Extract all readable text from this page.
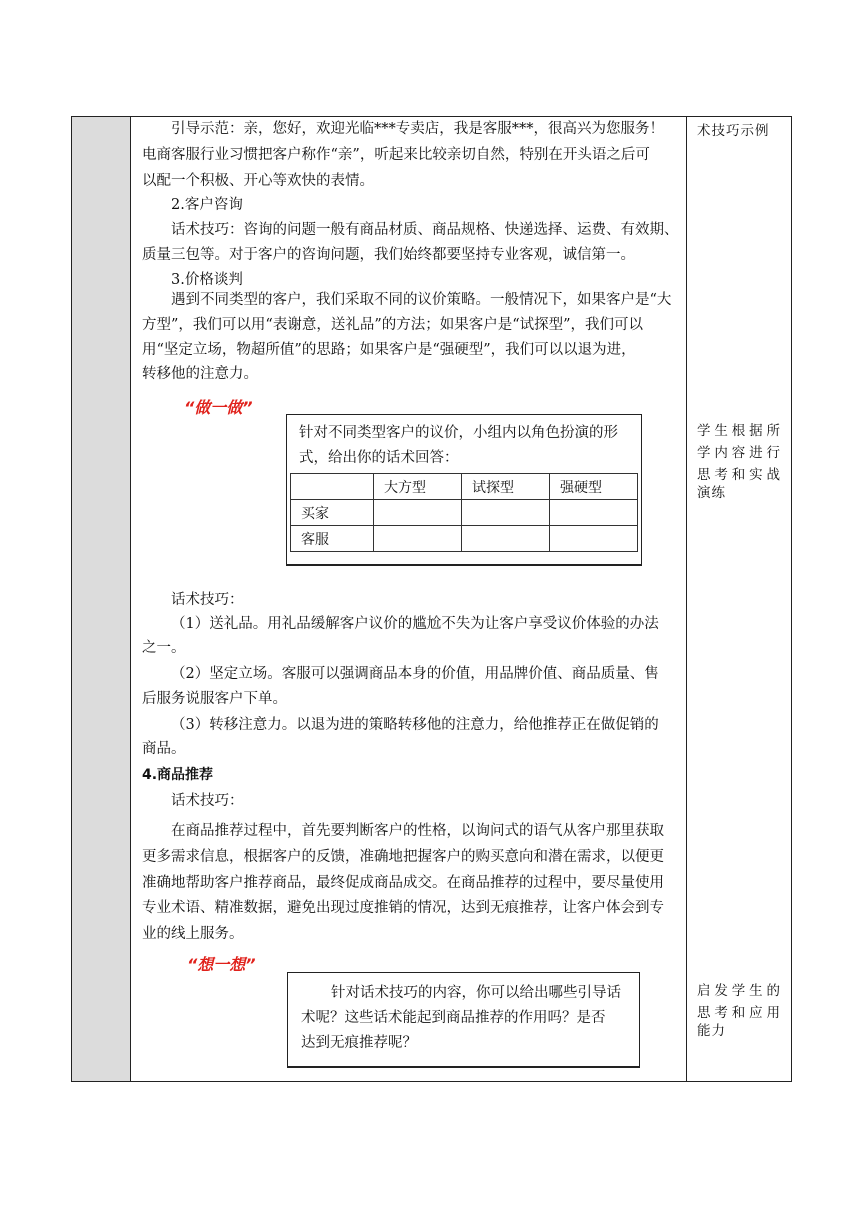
引导示范：亲，您好，欢迎光临***专卖店，我是客服***，很高兴为您服务！
电商客服行业习惯把客户称作“亲”，听起来比较亲切自然，特别在开头语之后可
以配一个积极、开心等欢快的表情。
2.客户咨询
话术技巧：咨询的问题一般有商品材质、商品规格、快递选择、运费、有效期、
质量三包等。对于客户的咨询问题，我们始终都要坚持专业客观，诚信第一。
3.价格谈判
遇到不同类型的客户，我们采取不同的议价策略。一般情况下，如果客户是“大
方型”，我们可以用“表谢意，送礼品”的方法；如果客户是“试探型”，我们可以
用“坚定立场，物超所值”的思路；如果客户是“强硬型”，我们可以以退为进，
转移他的注意力。
“做一做”
针对不同类型客户的议价，小组内以角色扮演的形
式，给出你的话术回答：
	大方型	试探型	强硬型
买家			
客服			
话术技巧：
（1）送礼品。用礼品缓解客户议价的尴尬不失为让客户享受议价体验的办法
之一。
（2）坚定立场。客服可以强调商品本身的价值，用品牌价值、商品质量、售
后服务说服客户下单。
（3）转移注意力。以退为进的策略转移他的注意力，给他推荐正在做促销的
商品。
4.商品推荐
话术技巧：
在商品推荐过程中，首先要判断客户的性格，以询问式的语气从客户那里获取
更多需求信息，根据客户的反馈，准确地把握客户的购买意向和潜在需求，以便更
准确地帮助客户推荐商品，最终促成商品成交。在商品推荐的过程中，要尽量使用
专业术语、精准数据，避免出现过度推销的情况，达到无痕推荐，让客户体会到专
业的线上服务。
“想一想”
针对话术技巧的内容，你可以给出哪些引导话
术呢？这些话术能起到商品推荐的作用吗？是否
达到无痕推荐呢？
术技巧示例
学生根据所
学内容进行
思考和实战
演练
启发学生的
思考和应用
能力
